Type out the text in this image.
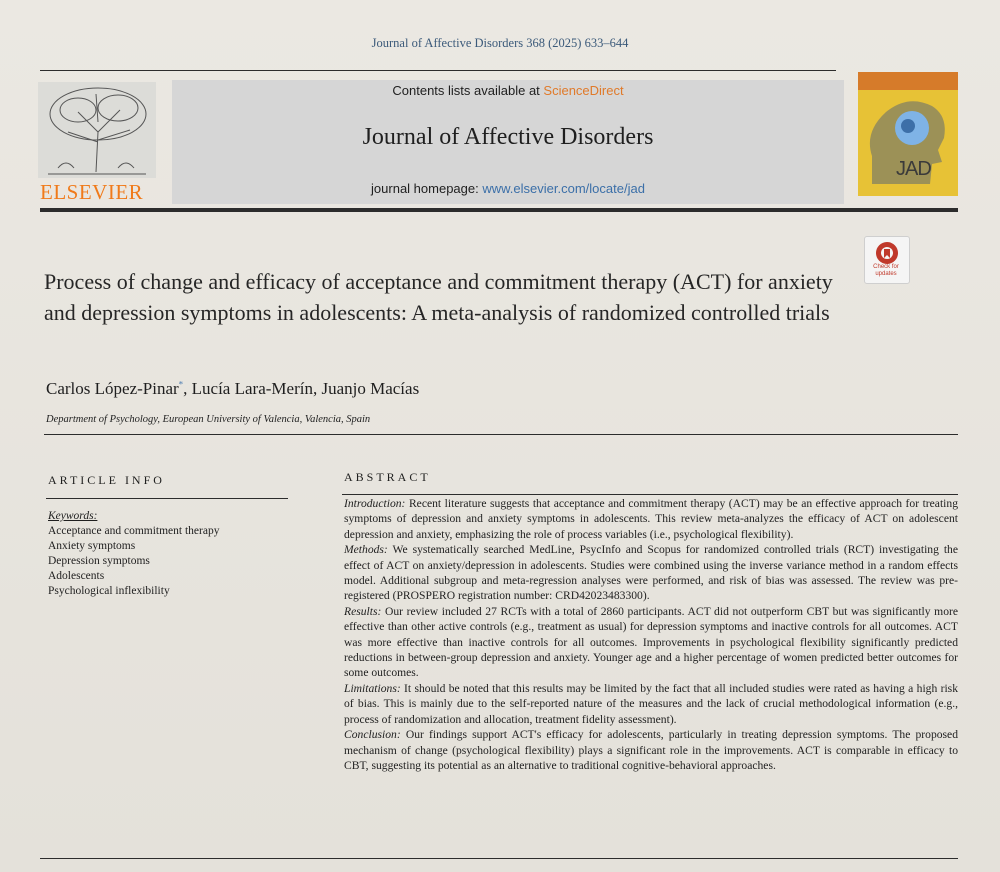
Journal of Affective Disorders 368 (2025) 633–644
ELSEVIER
Contents lists available at ScienceDirect
Journal of Affective Disorders
journal homepage: www.elsevier.com/locate/jad
JAD
Check for updates
Process of change and efficacy of acceptance and commitment therapy (ACT) for anxiety and depression symptoms in adolescents: A meta-analysis of randomized controlled trials
Carlos López-Pinar*, Lucía Lara-Merín, Juanjo Macías
Department of Psychology, European University of Valencia, Valencia, Spain
ARTICLE INFO
Keywords:
Acceptance and commitment therapy
Anxiety symptoms
Depression symptoms
Adolescents
Psychological inflexibility
ABSTRACT

Introduction: Recent literature suggests that acceptance and commitment therapy (ACT) may be an effective approach for treating symptoms of depression and anxiety symptoms in adolescents. This review meta-analyzes the efficacy of ACT on adolescent depression and anxiety, emphasizing the role of process variables (i.e., psychological flexibility).

Methods: We systematically searched MedLine, PsycInfo and Scopus for randomized controlled trials (RCT) investigating the effect of ACT on anxiety/depression in adolescents. Studies were combined using the inverse variance method in a random effects model. Additional subgroup and meta-regression analyses were performed, and risk of bias was assessed. The review was pre-registered (PROSPERO registration number: CRD42023483300).

Results: Our review included 27 RCTs with a total of 2860 participants. ACT did not outperform CBT but was significantly more effective than other active controls (e.g., treatment as usual) for depression symptoms and inactive controls for all outcomes. ACT was more effective than inactive controls for all outcomes. Improvements in psychological flexibility significantly predicted reductions in between-group depression and anxiety. Younger age and a higher percentage of women predicted better outcomes for some outcomes.

Limitations: It should be noted that this results may be limited by the fact that all included studies were rated as having a high risk of bias. This is mainly due to the self-reported nature of the measures and the lack of crucial methodological information (e.g., process of randomization and allocation, treatment fidelity assessment).

Conclusion: Our findings support ACT's efficacy for adolescents, particularly in treating depression symptoms. The proposed mechanism of change (psychological flexibility) plays a significant role in the improvements. ACT is comparable in efficacy to CBT, suggesting its potential as an alternative to traditional cognitive-behavioral approaches.
